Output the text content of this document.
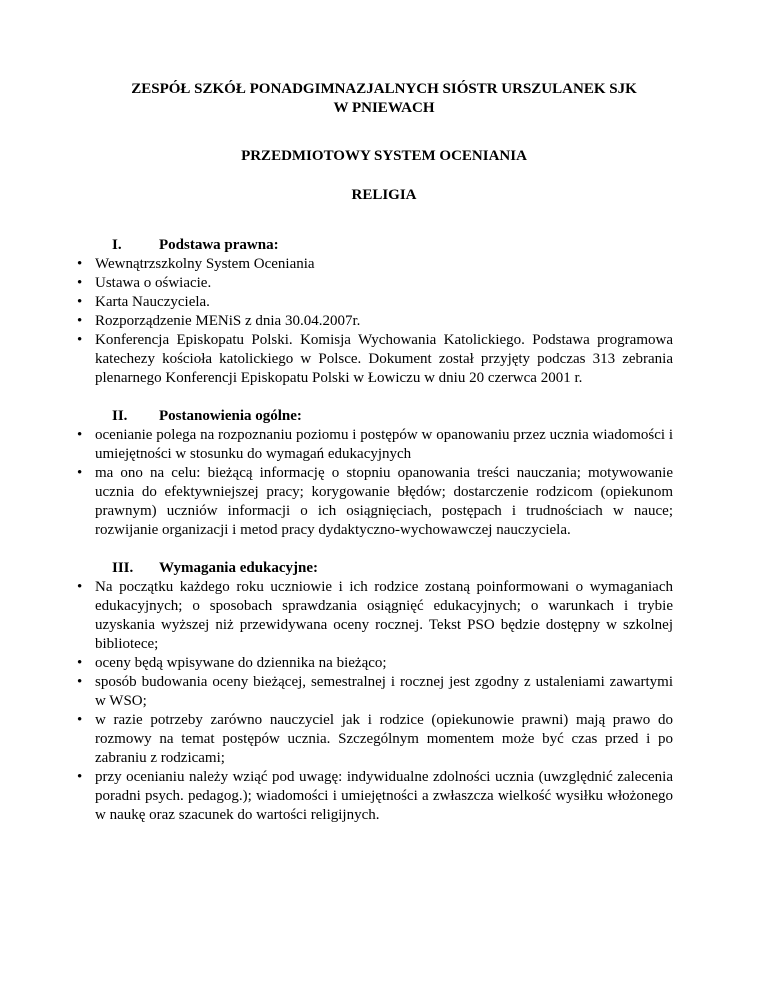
ZESPÓŁ SZKÓŁ PONADGIMNAZJALNYCH SIÓSTR URSZULANEK SJK
W PNIEWACH
PRZEDMIOTOWY SYSTEM OCENIANIA
RELIGIA
I.	Podstawa prawna:
• Wewnątrzszkolny System Oceniania
• Ustawa o oświacie.
• Karta Nauczyciela.
• Rozporządzenie MENiS z dnia 30.04.2007r.
• Konferencja Episkopatu Polski. Komisja Wychowania Katolickiego. Podstawa programowa katechezy kościoła katolickiego w Polsce. Dokument został przyjęty podczas 313 zebrania plenarnego Konferencji Episkopatu Polski w Łowiczu w dniu 20 czerwca 2001 r.
II.	Postanowienia ogólne:
• ocenianie polega na rozpoznaniu poziomu i postępów w opanowaniu przez ucznia wiadomości i umiejętności w stosunku do wymagań edukacyjnych
• ma ono na celu: bieżącą informację o stopniu opanowania treści nauczania; motywowanie ucznia do efektywniejszej pracy; korygowanie błędów; dostarczenie rodzicom (opiekunom prawnym) uczniów informacji o ich osiągnięciach, postępach i trudnościach w nauce; rozwijanie organizacji i metod pracy dydaktyczno-wychowawczej nauczyciela.
III.	Wymagania edukacyjne:
• Na początku każdego roku uczniowie i ich rodzice zostaną poinformowani o wymaganiach edukacyjnych; o sposobach sprawdzania osiągnięć edukacyjnych; o warunkach i trybie uzyskania wyższej niż przewidywana oceny rocznej. Tekst PSO będzie dostępny w szkolnej bibliotece;
• oceny będą wpisywane do dziennika na bieżąco;
• sposób budowania oceny bieżącej, semestralnej i rocznej jest zgodny z ustaleniami zawartymi w WSO;
• w razie potrzeby zarówno nauczyciel jak i rodzice (opiekunowie prawni) mają prawo do rozmowy na temat postępów ucznia. Szczególnym momentem może być czas przed i po zabraniu z rodzicami;
• przy ocenianiu należy wziąć pod uwagę: indywidualne zdolności ucznia (uwzględnić zalecenia poradni psych. pedagog.); wiadomości i umiejętności a zwłaszcza wielkość wysiłku włożonego w naukę oraz szacunek do wartości religijnych.
